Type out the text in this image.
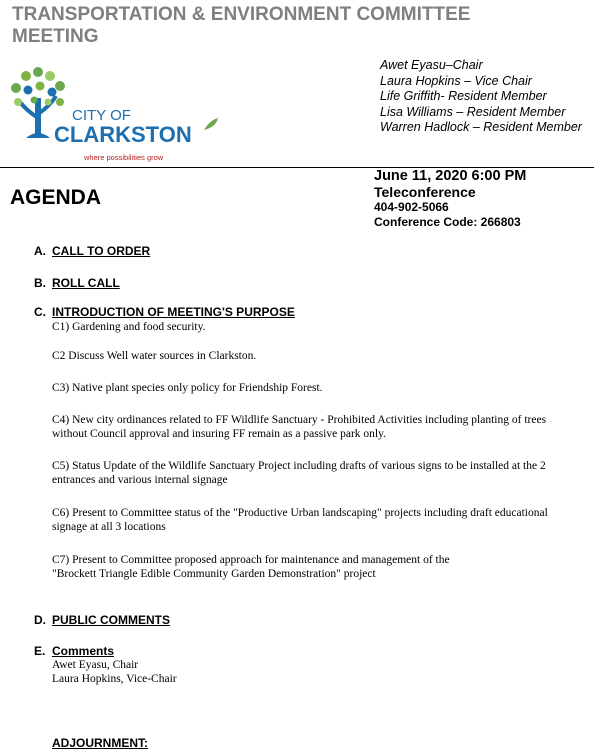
TRANSPORTATION & ENVIRONMENT COMMITTEE
MEETING
CITY OF
CLARKSTON
where possibilities grow
Awet Eyasu–Chair
Laura Hopkins – Vice Chair
Life Griffith- Resident Member
Lisa Williams – Resident Member
Warren Hadlock – Resident Member
AGENDA
June 11, 2020 6:00 PM
Teleconference
404-902-5066
Conference Code: 266803
A. CALL TO ORDER
B. ROLL CALL
C. INTRODUCTION OF MEETING'S PURPOSE
C1) Gardening and food security.
C2 Discuss Well water sources in Clarkston.
C3) Native plant species only policy for Friendship Forest.
C4) New city ordinances related to FF Wildlife Sanctuary - Prohibited Activities including planting of trees without Council approval and insuring FF remain as a passive park only.
C5) Status Update of the Wildlife Sanctuary Project including drafts of various signs to be installed at the 2 entrances and various internal signage
C6) Present to Committee status of the "Productive Urban landscaping" projects including draft educational signage at all 3 locations
C7) Present to Committee proposed approach for maintenance and management of the "Brockett Triangle Edible Community Garden Demonstration" project
D. PUBLIC COMMENTS
E. Comments
Awet Eyasu, Chair
Laura Hopkins, Vice-Chair
ADJOURNMENT:
